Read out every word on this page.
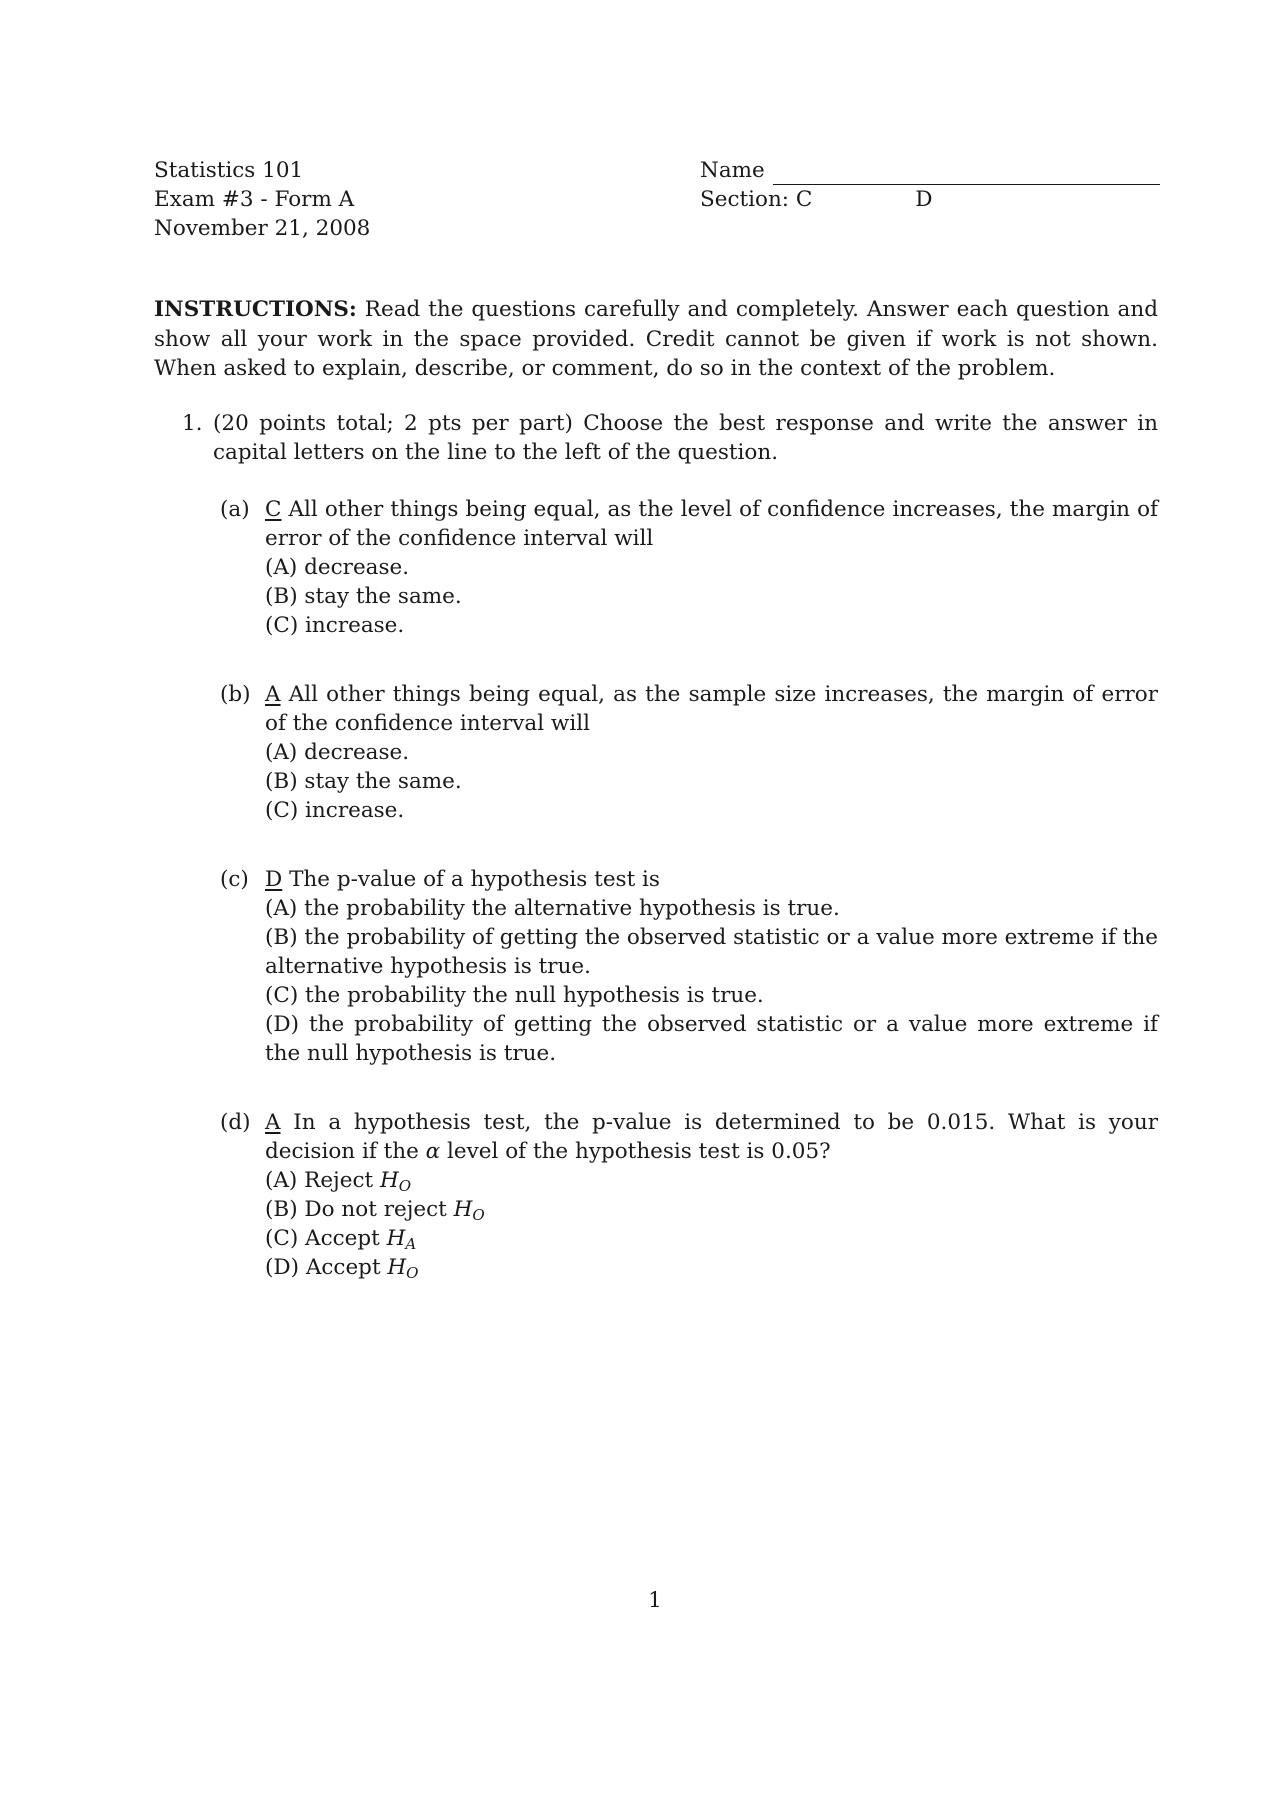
Statistics 101
Exam #3 - Form A
November 21, 2008
Name
Section: C	D
INSTRUCTIONS: Read the questions carefully and completely. Answer each question and show all your work in the space provided. Credit cannot be given if work is not shown. When asked to explain, describe, or comment, do so in the context of the problem.
1. (20 points total; 2 pts per part) Choose the best response and write the answer in capital letters on the line to the left of the question.
(a) C All other things being equal, as the level of confidence increases, the margin of error of the confidence interval will
(A) decrease.
(B) stay the same.
(C) increase.
(b) A All other things being equal, as the sample size increases, the margin of error of the confidence interval will
(A) decrease.
(B) stay the same.
(C) increase.
(c) D The p-value of a hypothesis test is
(A) the probability the alternative hypothesis is true.
(B) the probability of getting the observed statistic or a value more extreme if the alternative hypothesis is true.
(C) the probability the null hypothesis is true.
(D) the probability of getting the observed statistic or a value more extreme if the null hypothesis is true.
(d) A In a hypothesis test, the p-value is determined to be 0.015. What is your decision if the α level of the hypothesis test is 0.05?
(A) Reject $H_O$
(B) Do not reject $H_O$
(C) Accept $H_A$
(D) Accept $H_O$
1
